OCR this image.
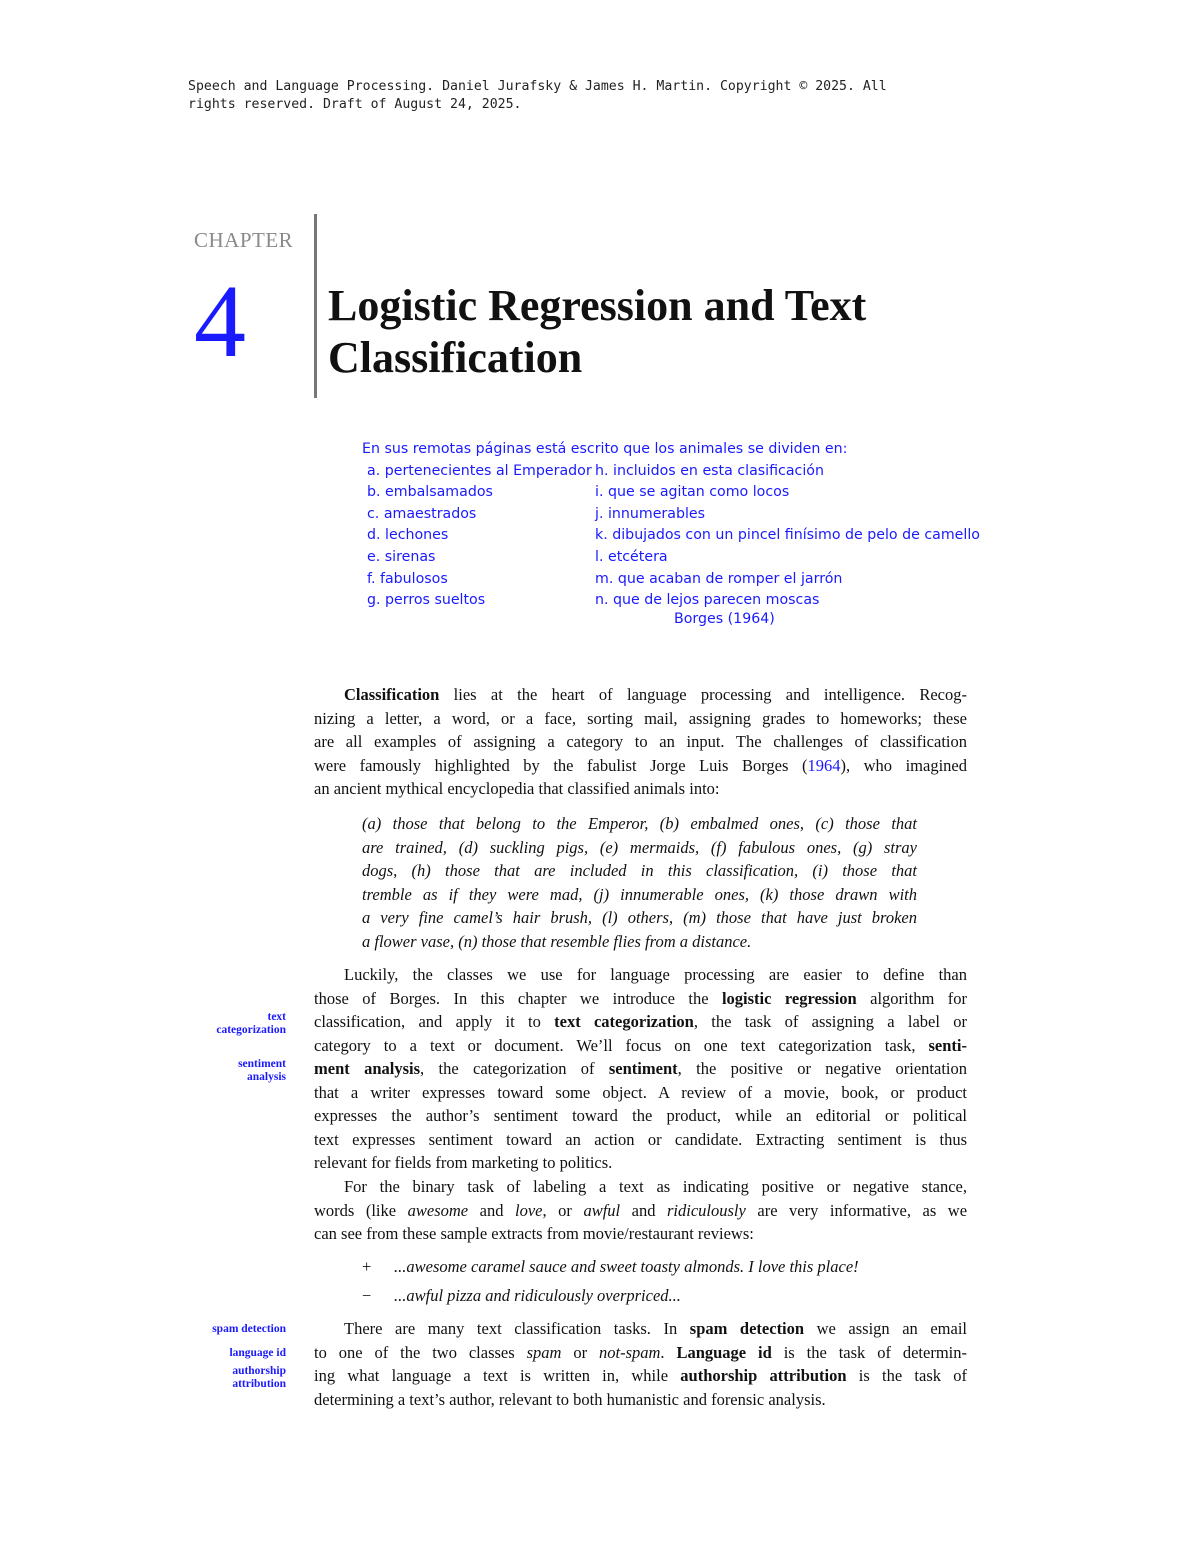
Speech and Language Processing. Daniel Jurafsky & James H. Martin. Copyright © 2025. All
rights reserved. Draft of August 24, 2025.
CHAPTER
4 Logistic Regression and Text
Classification
En sus remotas páginas está escrito que los animales se dividen en:
a. pertenecientes al Emperador
b. embalsamados
c. amaestrados
d. lechones
e. sirenas
f. fabulosos
g. perros sueltos
h. incluidos en esta clasificación
i. que se agitan como locos
j. innumerables
k. dibujados con un pincel finísimo de pelo de camello
l. etcétera
m. que acaban de romper el jarrón
n. que de lejos parecen moscas
Borges (1964)
Classification lies at the heart of language processing and intelligence. Recog-
nizing a letter, a word, or a face, sorting mail, assigning grades to homeworks; these
are all examples of assigning a category to an input. The challenges of classification
were famously highlighted by the fabulist Jorge Luis Borges (1964), who imagined
an ancient mythical encyclopedia that classified animals into:
(a) those that belong to the Emperor, (b) embalmed ones, (c) those that
are trained, (d) suckling pigs, (e) mermaids, (f) fabulous ones, (g) stray
dogs, (h) those that are included in this classification, (i) those that
tremble as if they were mad, (j) innumerable ones, (k) those drawn with
a very fine camel’s hair brush, (l) others, (m) those that have just broken
a flower vase, (n) those that resemble flies from a distance.
Luckily, the classes we use for language processing are easier to define than
those of Borges. In this chapter we introduce the logistic regression algorithm for
classification, and apply it to text categorization, the task of assigning a label or
category to a text or document. We’ll focus on one text categorization task, senti-
ment analysis, the categorization of sentiment, the positive or negative orientation
that a writer expresses toward some object. A review of a movie, book, or product
expresses the author’s sentiment toward the product, while an editorial or political
text expresses sentiment toward an action or candidate. Extracting sentiment is thus
relevant for fields from marketing to politics.
For the binary task of labeling a text as indicating positive or negative stance,
words (like awesome and love, or awful and ridiculously are very informative, as we
can see from these sample extracts from movie/restaurant reviews:
+ ...awesome caramel sauce and sweet toasty almonds. I love this place!
− ...awful pizza and ridiculously overpriced...
There are many text classification tasks. In spam detection we assign an email
to one of the two classes spam or not-spam. Language id is the task of determin-
ing what language a text is written in, while authorship attribution is the task of
determining a text’s author, relevant to both humanistic and forensic analysis.
text
categorization
sentiment
analysis
spam detection
language id
authorship
attribution
